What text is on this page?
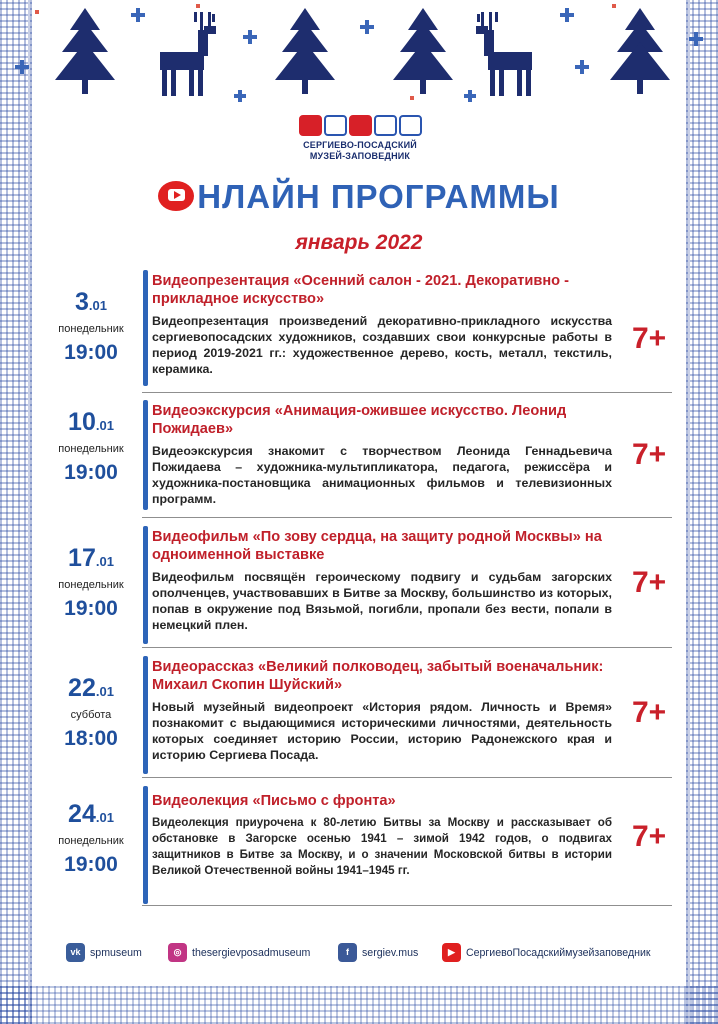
СЕРГИЕВО-ПОСАДСКИЙ
МУЗЕЙ-ЗАПОВЕДНИК
НЛАЙН ПРОГРАММЫ
январь 2022
3.01
понедельник
19:00
Видеопрезентация «Осенний салон - 2021. Декоративно - прикладное искусство»
Видеопрезентация произведений декоративно-прикладного искусства сергиевопосадских художников, создавших свои конкурсные работы в период 2019-2021 гг.: художественное дерево, кость, металл, текстиль, керамика.
7+
10.01
понедельник
19:00
Видеоэкскурсия «Анимация-ожившее искусство. Леонид Пожидаев»
Видеоэкскурсия знакомит с творчеством Леонида Геннадьевича Пожидаева – художника-мультипликатора, педагога, режиссёра и художника-постановщика анимационных фильмов и телевизионных программ.
7+
17.01
понедельник
19:00
Видеофильм «По зову сердца, на защиту родной Москвы» на одноименной выставке
Видеофильм посвящён героическому подвигу и судьбам загорских ополченцев, участвовавших в Битве за Москву, большинство из которых, попав в окружение под Вязьмой, погибли, пропали без вести, попали в немецкий плен.
7+
22.01
суббота
18:00
Видеорассказ «Великий полководец, забытый военачальник: Михаил Скопин Шуйский»
Новый музейный видеопроект «История рядом. Личность и Время» познакомит с выдающимися историческими личностями, деятельность которых соединяет историю России, историю Радонежского края и историю Сергиева Посада.
7+
24.01
понедельник
19:00
Видеолекция «Письмо с фронта»
Видеолекция приурочена к 80-летию Битвы за Москву и рассказывает об обстановке в Загорске осенью 1941 – зимой 1942 годов, о подвигах защитников в Битве за Москву, и о значении Московской битвы в истории Великой Отечественной войны 1941–1945 гг.
7+
vk spmuseum	◎ thesergievposadmuseum	f	sergiev.mus	▶	СергиевоПосадскиймузейзаповедник
